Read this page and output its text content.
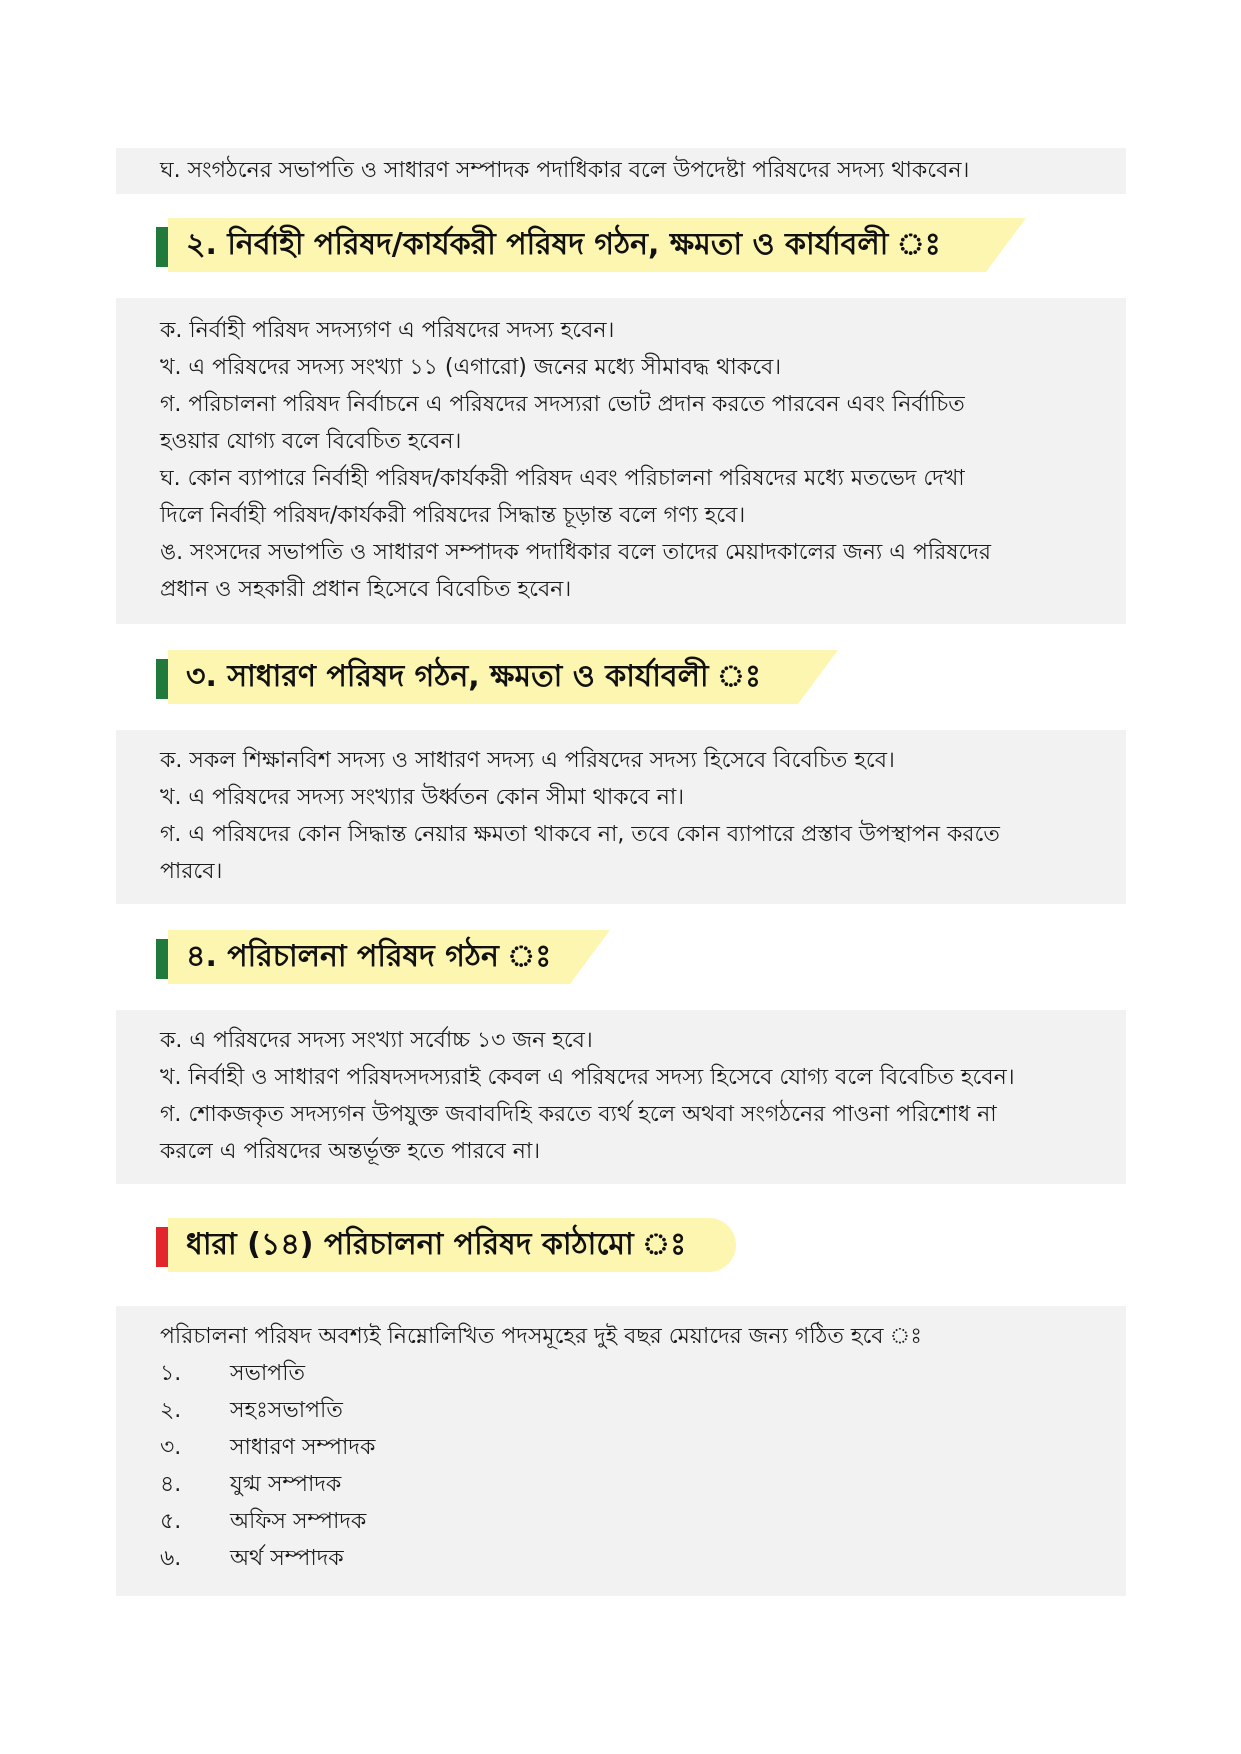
ঘ. সংগঠনের সভাপতি ও সাধারণ সম্পাদক পদাধিকার বলে উপদেষ্টা পরিষদের সদস্য থাকবেন।

২. নির্বাহী পরিষদ/কার্যকরী পরিষদ গঠন, ক্ষমতা ও কার্যাবলী ঃ

ক. নির্বাহী পরিষদ সদস্যগণ এ পরিষদের সদস্য হবেন।

খ. এ পরিষদের সদস্য সংখ্যা ১১ (এগারো) জনের মধ্যে সীমাবদ্ধ থাকবে।

গ. পরিচালনা পরিষদ নির্বাচনে এ পরিষদের সদস্যরা ভোট প্রদান করতে পারবেন এবং নির্বাচিত

হওয়ার যোগ্য বলে বিবেচিত হবেন।

ঘ. কোন ব্যাপারে নির্বাহী পরিষদ/কার্যকরী পরিষদ এবং পরিচালনা পরিষদের মধ্যে মতভেদ দেখা

দিলে নির্বাহী পরিষদ/কার্যকরী পরিষদের সিদ্ধান্ত চূড়ান্ত বলে গণ্য হবে।

ঙ. সংসদের সভাপতি ও সাধারণ সম্পাদক পদাধিকার বলে তাদের মেয়াদকালের জন্য এ পরিষদের

প্রধান ও সহকারী প্রধান হিসেবে বিবেচিত হবেন।

৩. সাধারণ পরিষদ গঠন, ক্ষমতা ও কার্যাবলী ঃ

ক. সকল শিক্ষানবিশ সদস্য ও সাধারণ সদস্য এ পরিষদের সদস্য হিসেবে বিবেচিত হবে।

খ. এ পরিষদের সদস্য সংখ্যার উর্ধ্বতন কোন সীমা থাকবে না।

গ. এ পরিষদের কোন সিদ্ধান্ত নেয়ার ক্ষমতা থাকবে না, তবে কোন ব্যাপারে প্রস্তাব উপস্থাপন করতে

পারবে।

৪. পরিচালনা পরিষদ গঠন ঃ

ক. এ পরিষদের সদস্য সংখ্যা সর্বোচ্চ ১৩ জন হবে।

খ. নির্বাহী ও সাধারণ পরিষদসদস্যরাই কেবল এ পরিষদের সদস্য হিসেবে যোগ্য বলে বিবেচিত হবেন।

গ. শোকজকৃত সদস্যগন উপযুক্ত জবাবদিহি করতে ব্যর্থ হলে অথবা সংগঠনের পাওনা পরিশোধ না

করলে এ পরিষদের অন্তর্ভূক্ত হতে পারবে না।

ধারা (১৪) পরিচালনা পরিষদ কাঠামো ঃ

পরিচালনা পরিষদ অবশ্যই নিম্নোলিখিত পদসমূহের দুই বছর মেয়াদের জন্য গঠিত হবে ঃ

১.	সভাপতি
২.	সহঃসভাপতি
৩.	সাধারণ সম্পাদক
৪.	যুগ্ম সম্পাদক
৫.	অফিস সম্পাদক
৬.	অর্থ সম্পাদক
